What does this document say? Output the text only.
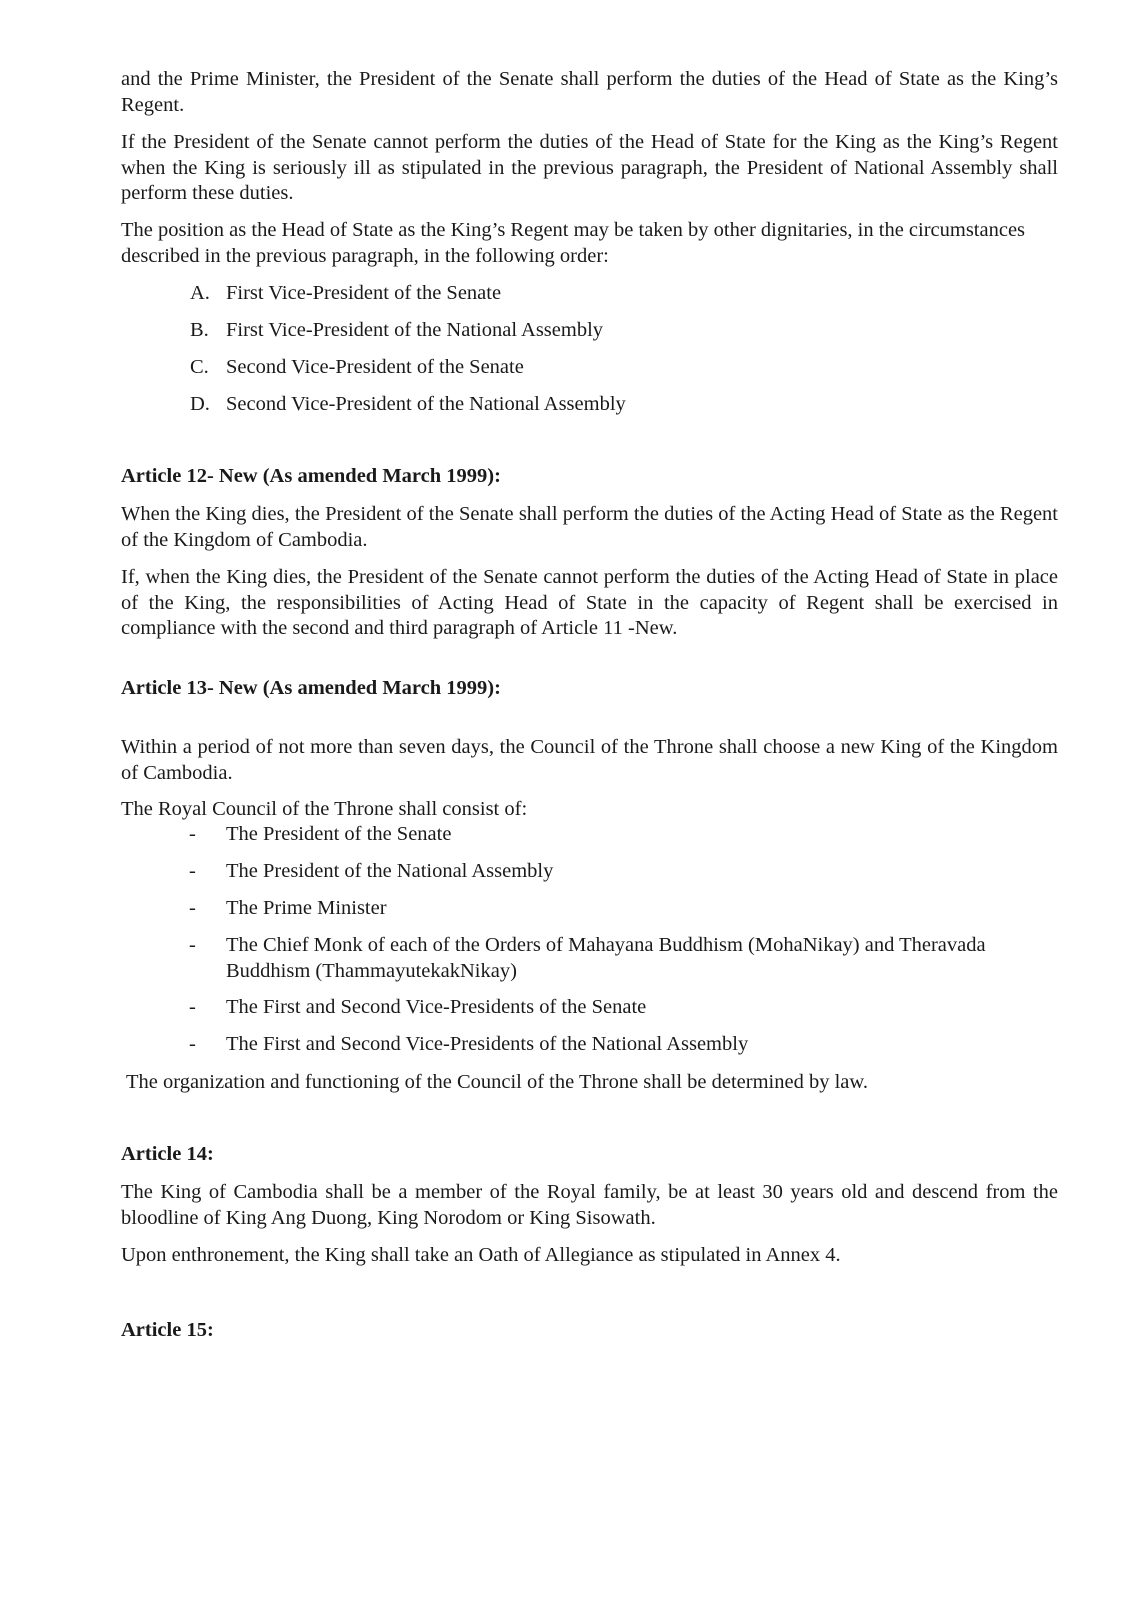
and the Prime Minister, the President of the Senate shall perform the duties of the Head of State as the King’s Regent.

If the President of the Senate cannot perform the duties of the Head of State for the King as the King’s Regent when the King is seriously ill as stipulated in the previous paragraph, the President of National Assembly shall perform these duties.

The position as the Head of State as the King’s Regent may be taken by other dignitaries, in the circumstances described in the previous paragraph, in the following order:

A. First Vice-President of the Senate
B. First Vice-President of the National Assembly
C. Second Vice-President of the Senate
D. Second Vice-President of the National Assembly

Article 12- New (As amended March 1999):

When the King dies, the President of the Senate shall perform the duties of the Acting Head of State as the Regent of the Kingdom of Cambodia.

If, when the King dies, the President of the Senate cannot perform the duties of the Acting Head of State in place of the King, the responsibilities of Acting Head of State in the capacity of Regent shall be exercised in compliance with the second and third paragraph of Article 11 -New.

Article 13- New (As amended March 1999):

Within a period of not more than seven days, the Council of the Throne shall choose a new King of the Kingdom of Cambodia.

The Royal Council of the Throne shall consist of:

- The President of the Senate
- The President of the National Assembly
- The Prime Minister
- The Chief Monk of each of the Orders of Mahayana Buddhism (MohaNikay) and Theravada Buddhism (ThammayutekakNikay)
- The First and Second Vice-Presidents of the Senate
- The First and Second Vice-Presidents of the National Assembly

The organization and functioning of the Council of the Throne shall be determined by law.

Article 14:

The King of Cambodia shall be a member of the Royal family, be at least 30 years old and descend from the bloodline of King Ang Duong, King Norodom or King Sisowath.

Upon enthronement, the King shall take an Oath of Allegiance as stipulated in Annex 4.

Article 15:
